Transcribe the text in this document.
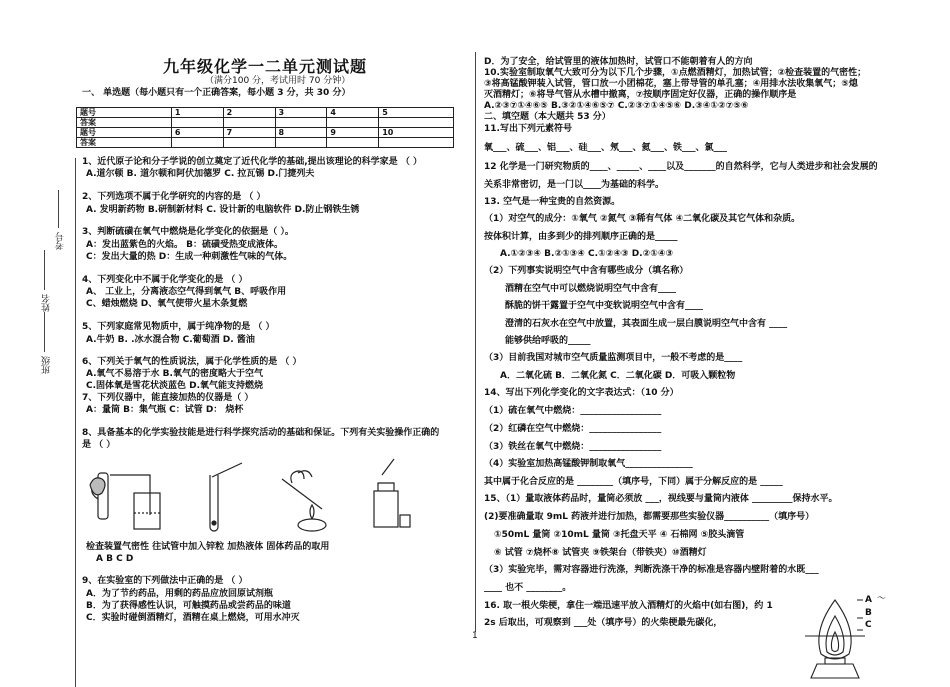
考号
姓名
班级
九年级化学一二单元测试题
（满分100 分，考试用时 70 分钟）
一、 单选题（每小题只有一个正确答案，每小题 3 分，共 30 分）
题号	1	2	3	4	5
答案					
题号	6	7	8	9	10
答案					
1、近代原子论和分子学说的创立奠定了近代化学的基础,提出该理论的科学家是 （ ）
A.道尔顿 B. 道尔顿和阿伏加德罗 C. 拉瓦锡 D.门捷列夫
2、下列选项不属于化学研究的内容的是 （ ）
A. 发明新药物 B.研制新材料 C. 设计新的电脑软件 D.防止钢铁生锈
3、判断硫磺在氧气中燃烧是化学变化的依据是（ ）。
A：发出蓝紫色的火焰。 B：硫磺受热变成液体。
C：发出大量的热 D：生成一种刺激性气味的气体。
4、下列变化中不属于化学变化的是 （ ）
A、 工业上，分离液态空气得到氧气 B、呼吸作用
C、蜡烛燃烧 D、氧气使带火星木条复燃
5、下列家庭常见物质中，属于纯净物的是 （ ）
A.牛奶 B. .冰水混合物 C.葡萄酒 D. 酱油
6、下列关于氧气的性质说法，属于化学性质的是 （ ）
A.氧气不易溶于水 B.氧气的密度略大于空气
C.固体氧是雪花状淡蓝色 D.氧气能支持燃烧
7、下列仪器中，能直接加热的仪器是（ ）
A：量筒 B：集气瓶 C：试管 D： 烧杯
8、具备基本的化学实验技能是进行科学探究活动的基础和保证。下列有关实验操作正确的
是 （ ）
检查装置气密性 往试管中加入锌粒 加热液体 固体药品的取用
A B C D
9、在实验室的下列做法中正确的是 （ ）
A．为了节约药品，用剩的药品应放回原试剂瓶
B．为了获得感性认识，可触摸药品或尝药品的味道
C．实验时碰倒酒精灯，酒精在桌上燃烧，可用水冲灭
1
D．为了安全，给试管里的液体加热时，试管口不能朝着有人的方向
10.实验室制取氧气大致可分为以下几个步骤，①点燃酒精灯，加热试管；②检查装置的气密性；
③将高锰酸钾装入试管，管口放一小团棉花，塞上带导管的单孔塞；④用排水法收集氧气；⑤熄
灭酒精灯；⑥将导气管从水槽中撤离，⑦按顺序固定好仪器，正确的操作顺序是
A.②③⑦①④⑥⑤ B.③②①④⑥⑤⑦ C.②③⑦①④⑤⑥ D.③④①②⑦⑤⑥
二、填空题（本大题共 53 分）
11.写出下列元素符号
氧___、硫___、铝___、硅___、氖___、氦___、铁___、氯___
12 化学是一门研究物质的____、_____、____以及_______的自然科学，它与人类进步和社会发展的
关系非常密切，是一门以____为基础的科学。
13. 空气是一种宝贵的自然资源。
（1）对空气的成分：①氧气 ②氮气 ③稀有气体 ④二氧化碳及其它气体和杂质。
按体积计算，由多到少的排列顺序正确的是_____
A.①②③④ B.②①③④ C.①②④③ D.②①④③
（2）下列事实说明空气中含有哪些成分（填名称）
酒精在空气中可以燃烧说明空气中含有____
酥脆的饼干露置于空气中变软说明空气中含有____
澄清的石灰水在空气中放置，其表面生成一层白膜说明空气中含有 ____
能够供给呼吸的_____
（3）目前我国对城市空气质量监测项目中，一般不考虑的是____
A．二氧化硫 B．二氧化氮 C．二氧化碳 D．可吸入颗粒物
14、写出下列化学变化的文字表达式：（10 分）
（1）硫在氧气中燃烧：__________________
（2）红磷在空气中燃烧：________________
（3）铁丝在氧气中燃烧：________________
（4）实验室加热高锰酸钾制取氧气_______________
其中属于化合反应的是 ________（填序号，下同）属于分解反应的是 _____
15、（1）量取液体药品时，量筒必须放 ___，视线要与量筒内液体 _________保持水平。
(2)要准确量取 9mL 药液并进行加热，都需要那些实验仪器__________（填序号）
①50mL 量筒 ②10mL 量筒 ③托盘天平 ④ 石棉网 ⑤胶头滴管
⑥ 试管 ⑦烧杯⑧ 试管夹 ⑨铁架台（带铁夹）⑩酒精灯
（3）实验完毕，需对容器进行洗涤，判断洗涤干净的标准是容器内壁附着的水既___
____ 也不 ________。
16. 取一根火柴梗，拿住一端迅速平放入酒精灯的火焰中(如右图)，约 1
2s 后取出，可观察到 ___处（填序号）的火柴梗最先碳化，
A ～
B
C
